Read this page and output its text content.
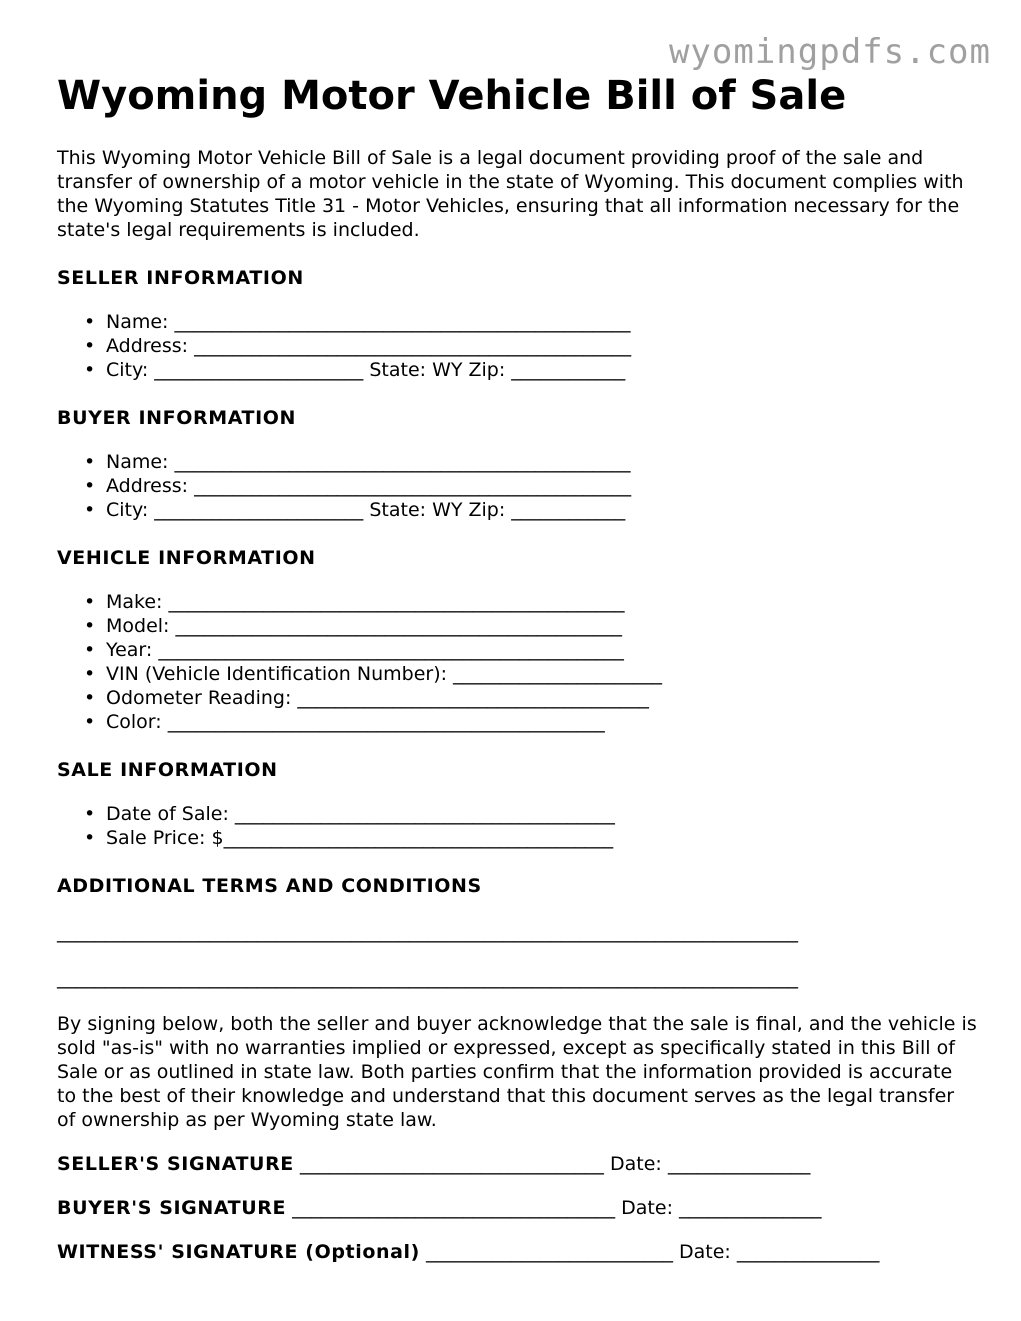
wyomingpdfs.com
Wyoming Motor Vehicle Bill of Sale

This Wyoming Motor Vehicle Bill of Sale is a legal document providing proof of the sale and transfer of ownership of a motor vehicle in the state of Wyoming. This document complies with the Wyoming Statutes Title 31 - Motor Vehicles, ensuring that all information necessary for the state's legal requirements is included.

SELLER INFORMATION
• Name: ________________________________________________
• Address: ______________________________________________
• City: ______________________ State: WY Zip: ____________
BUYER INFORMATION
• Name: ________________________________________________
• Address: ______________________________________________
• City: ______________________ State: WY Zip: ____________
VEHICLE INFORMATION
• Make: ________________________________________________
• Model: _______________________________________________
• Year: _________________________________________________
• VIN (Vehicle Identification Number): ______________________
• Odometer Reading: _____________________________________
• Color: ______________________________________________
SALE INFORMATION
• Date of Sale: ________________________________________
• Sale Price: $_________________________________________
ADDITIONAL TERMS AND CONDITIONS
______________________________________________________________________________
______________________________________________________________________________

By signing below, both the seller and buyer acknowledge that the sale is final, and the vehicle is sold "as-is" with no warranties implied or expressed, except as specifically stated in this Bill of Sale or as outlined in state law. Both parties confirm that the information provided is accurate to the best of their knowledge and understand that this document serves as the legal transfer of ownership as per Wyoming state law.

SELLER'S SIGNATURE ________________________________ Date: _______________
BUYER'S SIGNATURE __________________________________ Date: _______________
WITNESS' SIGNATURE (Optional) __________________________ Date: _______________
